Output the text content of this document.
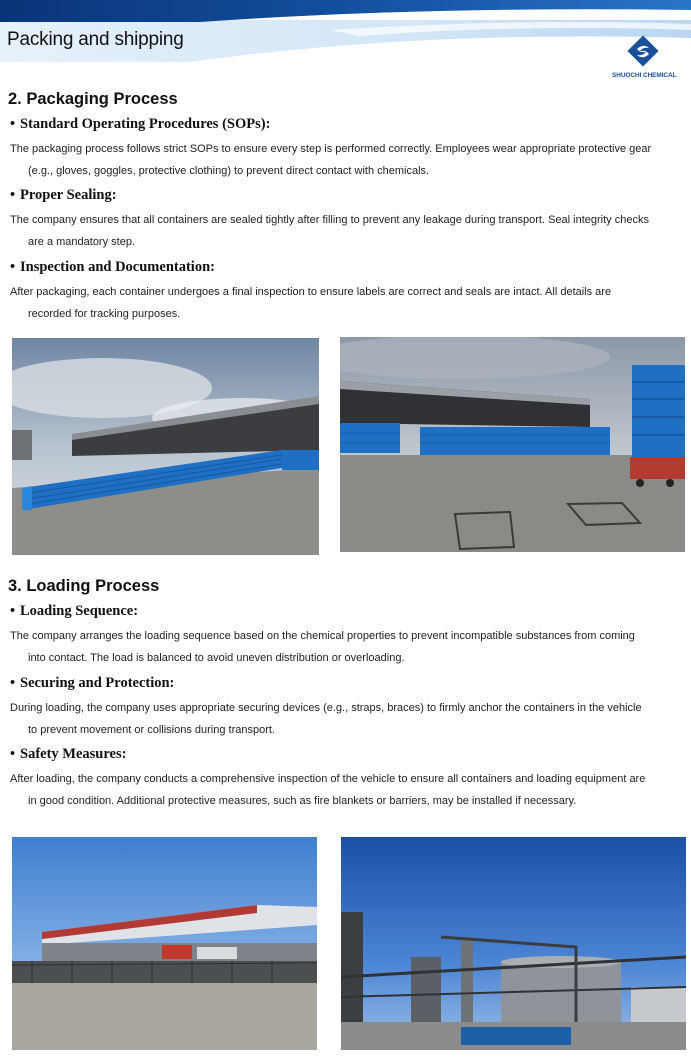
Packing and shipping
SHUOCHI CHEMICAL
2. Packaging Process
• Standard Operating Procedures (SOPs):
The packaging process follows strict SOPs to ensure every step is performed correctly. Employees wear appropriate protective gear
(e.g., gloves, goggles, protective clothing) to prevent direct contact with chemicals.
• Proper Sealing:
The company ensures that all containers are sealed tightly after filling to prevent any leakage during transport. Seal integrity checks
are a mandatory step.
• Inspection and Documentation:
After packaging, each container undergoes a final inspection to ensure labels are correct and seals are intact. All details are
recorded for tracking purposes.
3. Loading Process
• Loading Sequence:
The company arranges the loading sequence based on the chemical properties to prevent incompatible substances from coming
into contact. The load is balanced to avoid uneven distribution or overloading.
• Securing and Protection:
During loading, the company uses appropriate securing devices (e.g., straps, braces) to firmly anchor the containers in the vehicle
to prevent movement or collisions during transport.
• Safety Measures:
After loading, the company conducts a comprehensive inspection of the vehicle to ensure all containers and loading equipment are
in good condition. Additional protective measures, such as fire blankets or barriers, may be installed if necessary.
